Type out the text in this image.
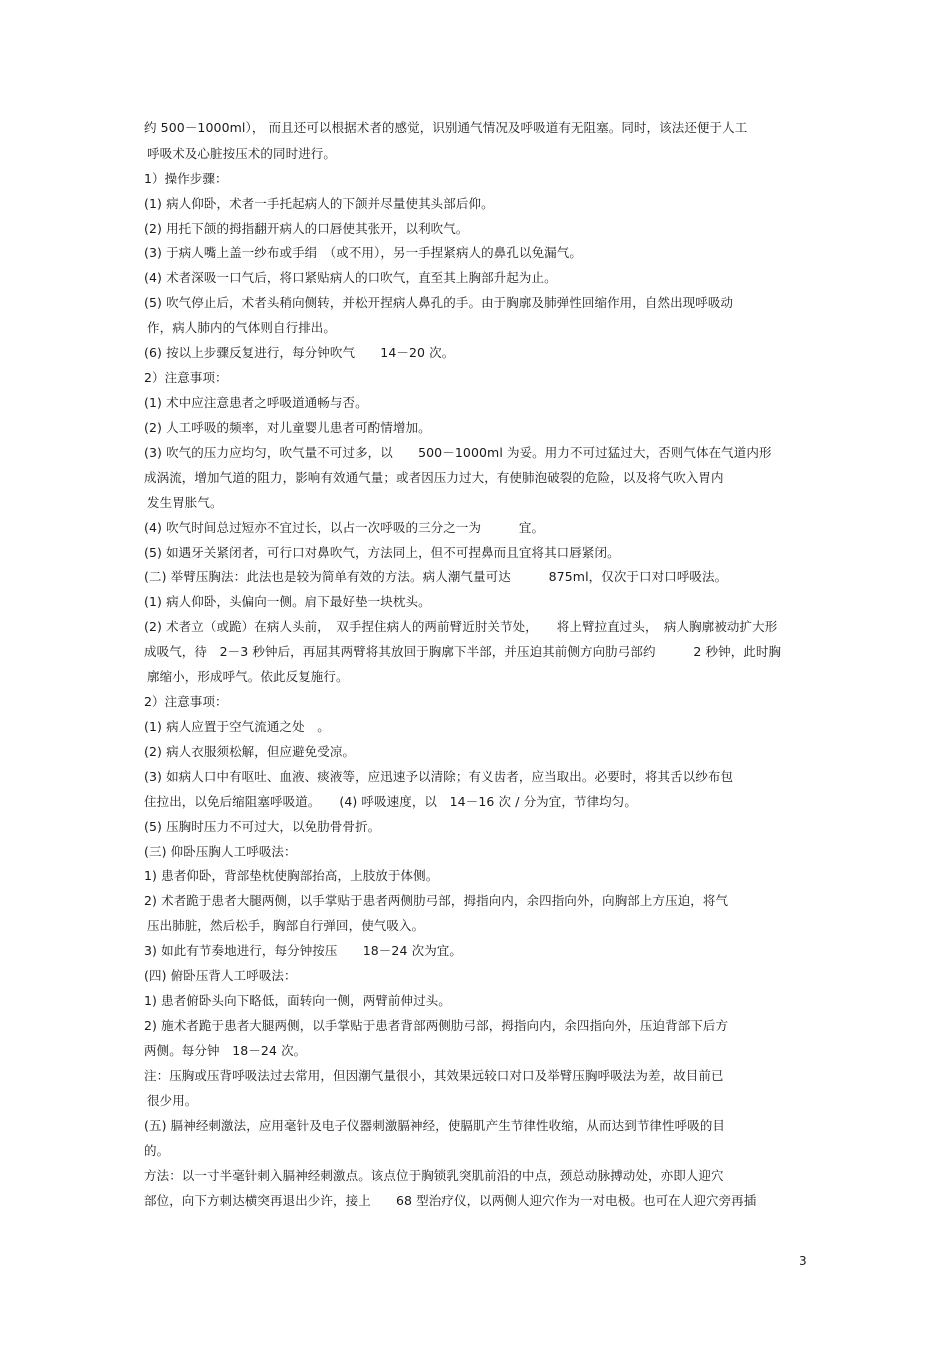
约 500－1000ml）， 而且还可以根据术者的感觉，识别通气情况及呼吸道有无阻塞。同时，该法还便于人工
呼吸术及心脏按压术的同时进行。
1）操作步骤：
(1) 病人仰卧，术者一手托起病人的下颌并尽量使其头部后仰。
(2) 用托下颌的拇指翻开病人的口唇使其张开，以利吹气。
(3) 于病人嘴上盖一纱布或手绢　（或不用），另一手捏紧病人的鼻孔以免漏气。
(4) 术者深吸一口气后，将口紧贴病人的口吹气，直至其上胸部升起为止。
(5) 吹气停止后，术者头稍向侧转，并松开捏病人鼻孔的手。由于胸廓及肺弹性回缩作用，自然出现呼吸动
作，病人肺内的气体则自行排出。
(6) 按以上步骤反复进行，每分钟吹气　　14－20 次。
2）注意事项：
(1) 术中应注意患者之呼吸道通畅与否。
(2) 人工呼吸的频率，对儿童婴儿患者可酌情增加。
(3) 吹气的压力应均匀，吹气量不可过多，以　　500－1000ml 为妥。用力不可过猛过大，否则气体在气道内形
成涡流，增加气道的阻力，影响有效通气量；或者因压力过大，有使肺泡破裂的危险，以及将气吹入胃内
发生胃胀气。
(4) 吹气时间总过短亦不宜过长，以占一次呼吸的三分之一为　　　宜。
(5) 如遇牙关紧闭者，可行口对鼻吹气，方法同上，但不可捏鼻而且宜将其口唇紧闭。
(二) 举臂压胸法：此法也是较为简单有效的方法。病人潮气量可达　　　875ml，仅次于口对口呼吸法。
(1) 病人仰卧，头偏向一侧。肩下最好垫一块枕头。
(2) 术者立（或跪）在病人头前，　双手捏住病人的两前臂近肘关节处，　　将上臂拉直过头，　病人胸廓被动扩大形
成吸气，待　2－3 秒钟后，再屈其两臂将其放回于胸廓下半部，并压迫其前侧方向肋弓部约　　　2 秒钟，此时胸
廓缩小，形成呼气。依此反复施行。
2）注意事项：
(1) 病人应置于空气流通之处　。
(2) 病人衣服须松解，但应避免受凉。
(3) 如病人口中有呕吐、血液、痰液等，应迅速予以清除；有义齿者，应当取出。必要时，将其舌以纱布包
住拉出，以免后缩阻塞呼吸道。　　(4) 呼吸速度，以　14－16 次 / 分为宜，节律均匀。
(5) 压胸时压力不可过大，以免肋骨骨折。
(三) 仰卧压胸人工呼吸法：
1) 患者仰卧，背部垫枕使胸部抬高，上肢放于体侧。
2) 术者跪于患者大腿两侧，以手掌贴于患者两侧肋弓部，拇指向内，余四指向外，向胸部上方压迫，将气
压出肺脏，然后松手，胸部自行弹回，使气吸入。
3) 如此有节奏地进行，每分钟按压　　18－24 次为宜。
(四) 俯卧压背人工呼吸法：
1) 患者俯卧头向下略低，面转向一侧，两臂前伸过头。
2) 施术者跪于患者大腿两侧，以手掌贴于患者背部两侧肋弓部，拇指向内，余四指向外，压迫背部下后方
两侧。每分钟　18－24 次。
注：压胸或压背呼吸法过去常用，但因潮气量很小，其效果远较口对口及举臂压胸呼吸法为差，故目前已
很少用。
(五) 膈神经刺激法，应用毫针及电子仪器刺激膈神经，使膈肌产生节律性收缩，从而达到节律性呼吸的目
的。
方法：以一寸半毫针刺入膈神经刺激点。该点位于胸锁乳突肌前沿的中点，颈总动脉搏动处，亦即人迎穴
部位，向下方刺达横突再退出少许，接上　　68 型治疗仪，以两侧人迎穴作为一对电极。也可在人迎穴旁再插
3
